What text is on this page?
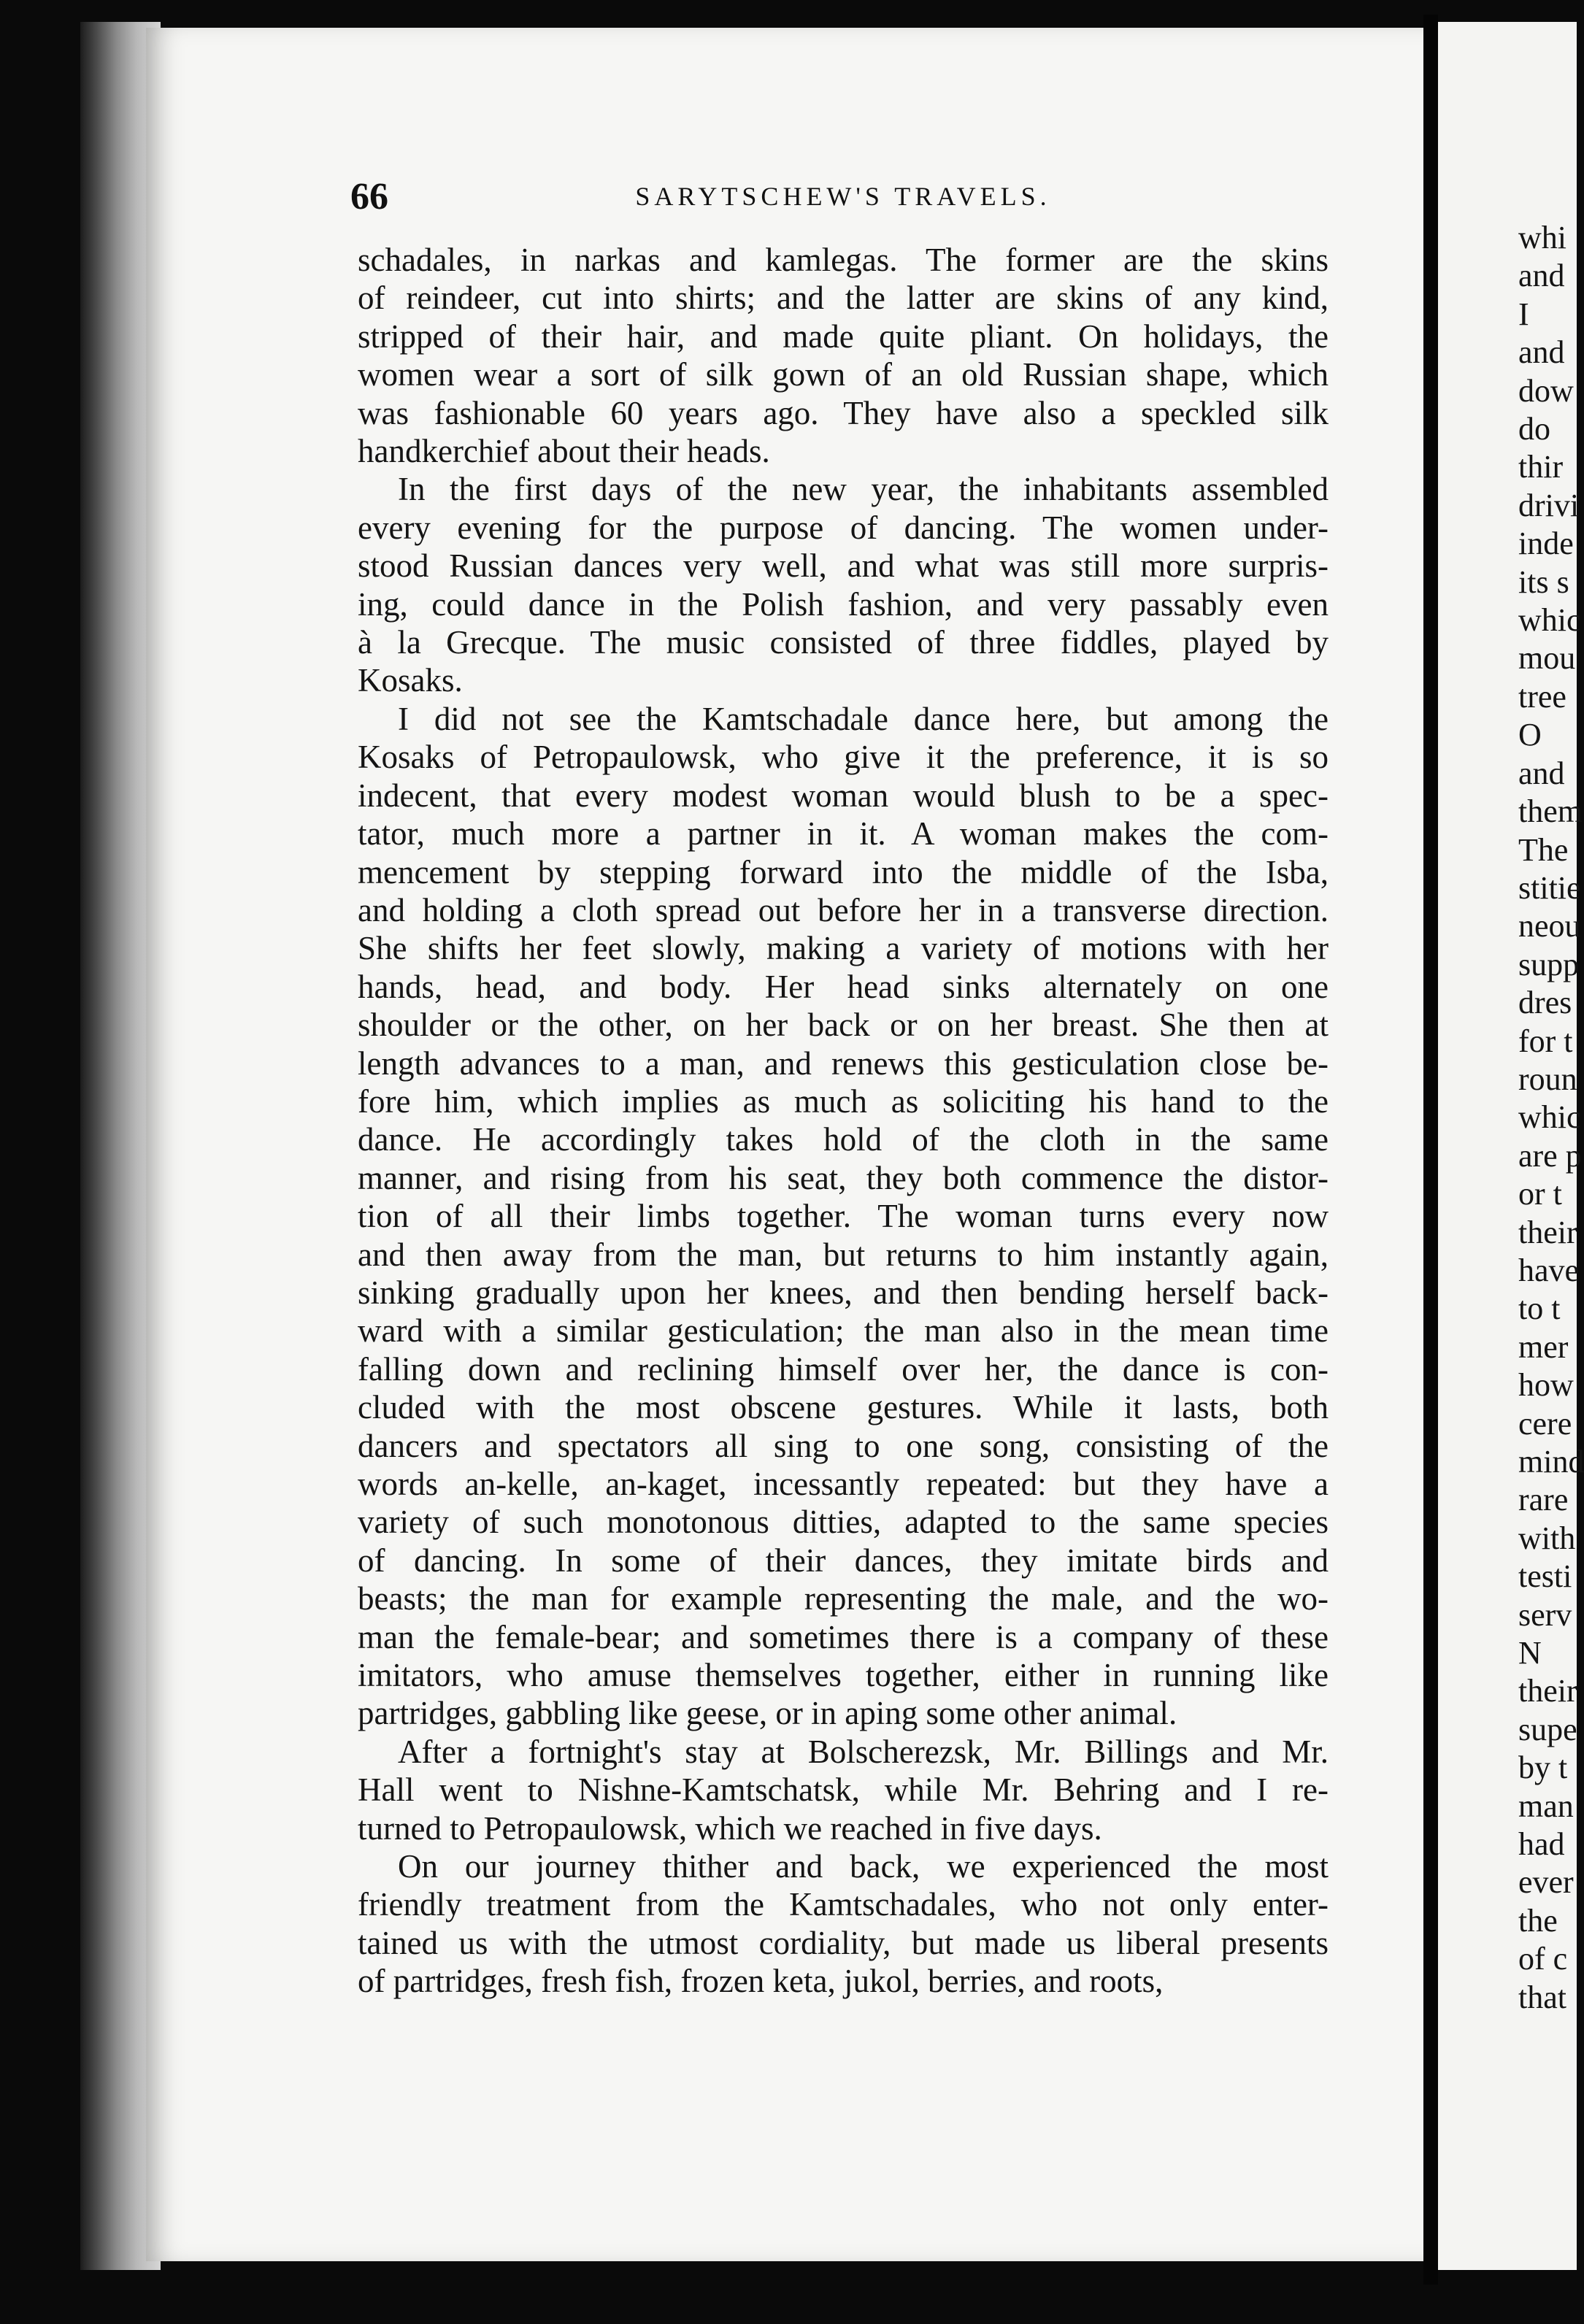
66	SARYTSCHEW'S TRAVELS.
schadales, in narkas and kamlegas. The former are the skins
of reindeer, cut into shirts; and the latter are skins of any kind,
stripped of their hair, and made quite pliant. On holidays, the
women wear a sort of silk gown of an old Russian shape, which
was fashionable 60 years ago. They have also a speckled silk
handkerchief about their heads.
In the first days of the new year, the inhabitants assembled
every evening for the purpose of dancing. The women under-
stood Russian dances very well, and what was still more surpris-
ing, could dance in the Polish fashion, and very passably even
à la Grecque. The music consisted of three fiddles, played by
Kosaks.
I did not see the Kamtschadale dance here, but among the
Kosaks of Petropaulowsk, who give it the preference, it is so
indecent, that every modest woman would blush to be a spec-
tator, much more a partner in it. A woman makes the com-
mencement by stepping forward into the middle of the Isba,
and holding a cloth spread out before her in a transverse direction.
She shifts her feet slowly, making a variety of motions with her
hands, head, and body. Her head sinks alternately on one
shoulder or the other, on her back or on her breast. She then at
length advances to a man, and renews this gesticulation close be-
fore him, which implies as much as soliciting his hand to the
dance. He accordingly takes hold of the cloth in the same
manner, and rising from his seat, they both commence the distor-
tion of all their limbs together. The woman turns every now
and then away from the man, but returns to him instantly again,
sinking gradually upon her knees, and then bending herself back-
ward with a similar gesticulation; the man also in the mean time
falling down and reclining himself over her, the dance is con-
cluded with the most obscene gestures. While it lasts, both
dancers and spectators all sing to one song, consisting of the
words an-kelle, an-kaget, incessantly repeated: but they have a
variety of such monotonous ditties, adapted to the same species
of dancing. In some of their dances, they imitate birds and
beasts; the man for example representing the male, and the wo-
man the female-bear; and sometimes there is a company of these
imitators, who amuse themselves together, either in running like
partridges, gabbling like geese, or in aping some other animal.
After a fortnight's stay at Bolscherezsk, Mr. Billings and Mr.
Hall went to Nishne-Kamtschatsk, while Mr. Behring and I re-
turned to Petropaulowsk, which we reached in five days.
On our journey thither and back, we experienced the most
friendly treatment from the Kamtschadales, who not only enter-
tained us with the utmost cordiality, but made us liberal presents
of partridges, fresh fish, frozen keta, jukol, berries, and roots,
whi
and
I
and
dow
do
thir
drivi
inde
its s
whic
mou
tree
O
and
them
The
stitie
neou
supp
dres
for t
roun
whic
are p
or t
their
have
to t
mer
how
cere
mind
rare
with
testi
serv
N
their
supe
by t
man
had
ever
the
of c
that
